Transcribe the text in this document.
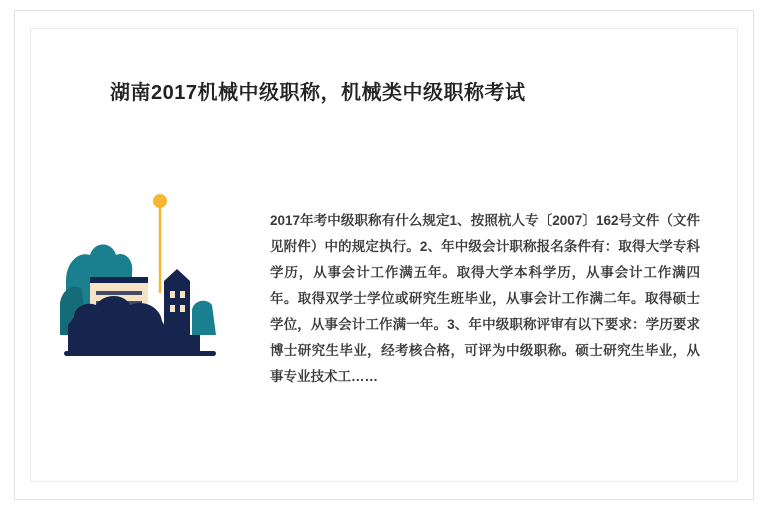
湖南2017机械中级职称，机械类中级职称考试
2017年考中级职称有什么规定1、按照杭人专〔2007〕162号文件（文件见附件）中的规定执行。2、年中级会计职称报名条件有：取得大学专科学历，从事会计工作满五年。取得大学本科学历，从事会计工作满四年。取得双学士学位或研究生班毕业，从事会计工作满二年。取得硕士学位，从事会计工作满一年。3、年中级职称评审有以下要求：学历要求 博士研究生毕业，经考核合格，可评为中级职称。硕士研究生毕业，从事专业技术工……
